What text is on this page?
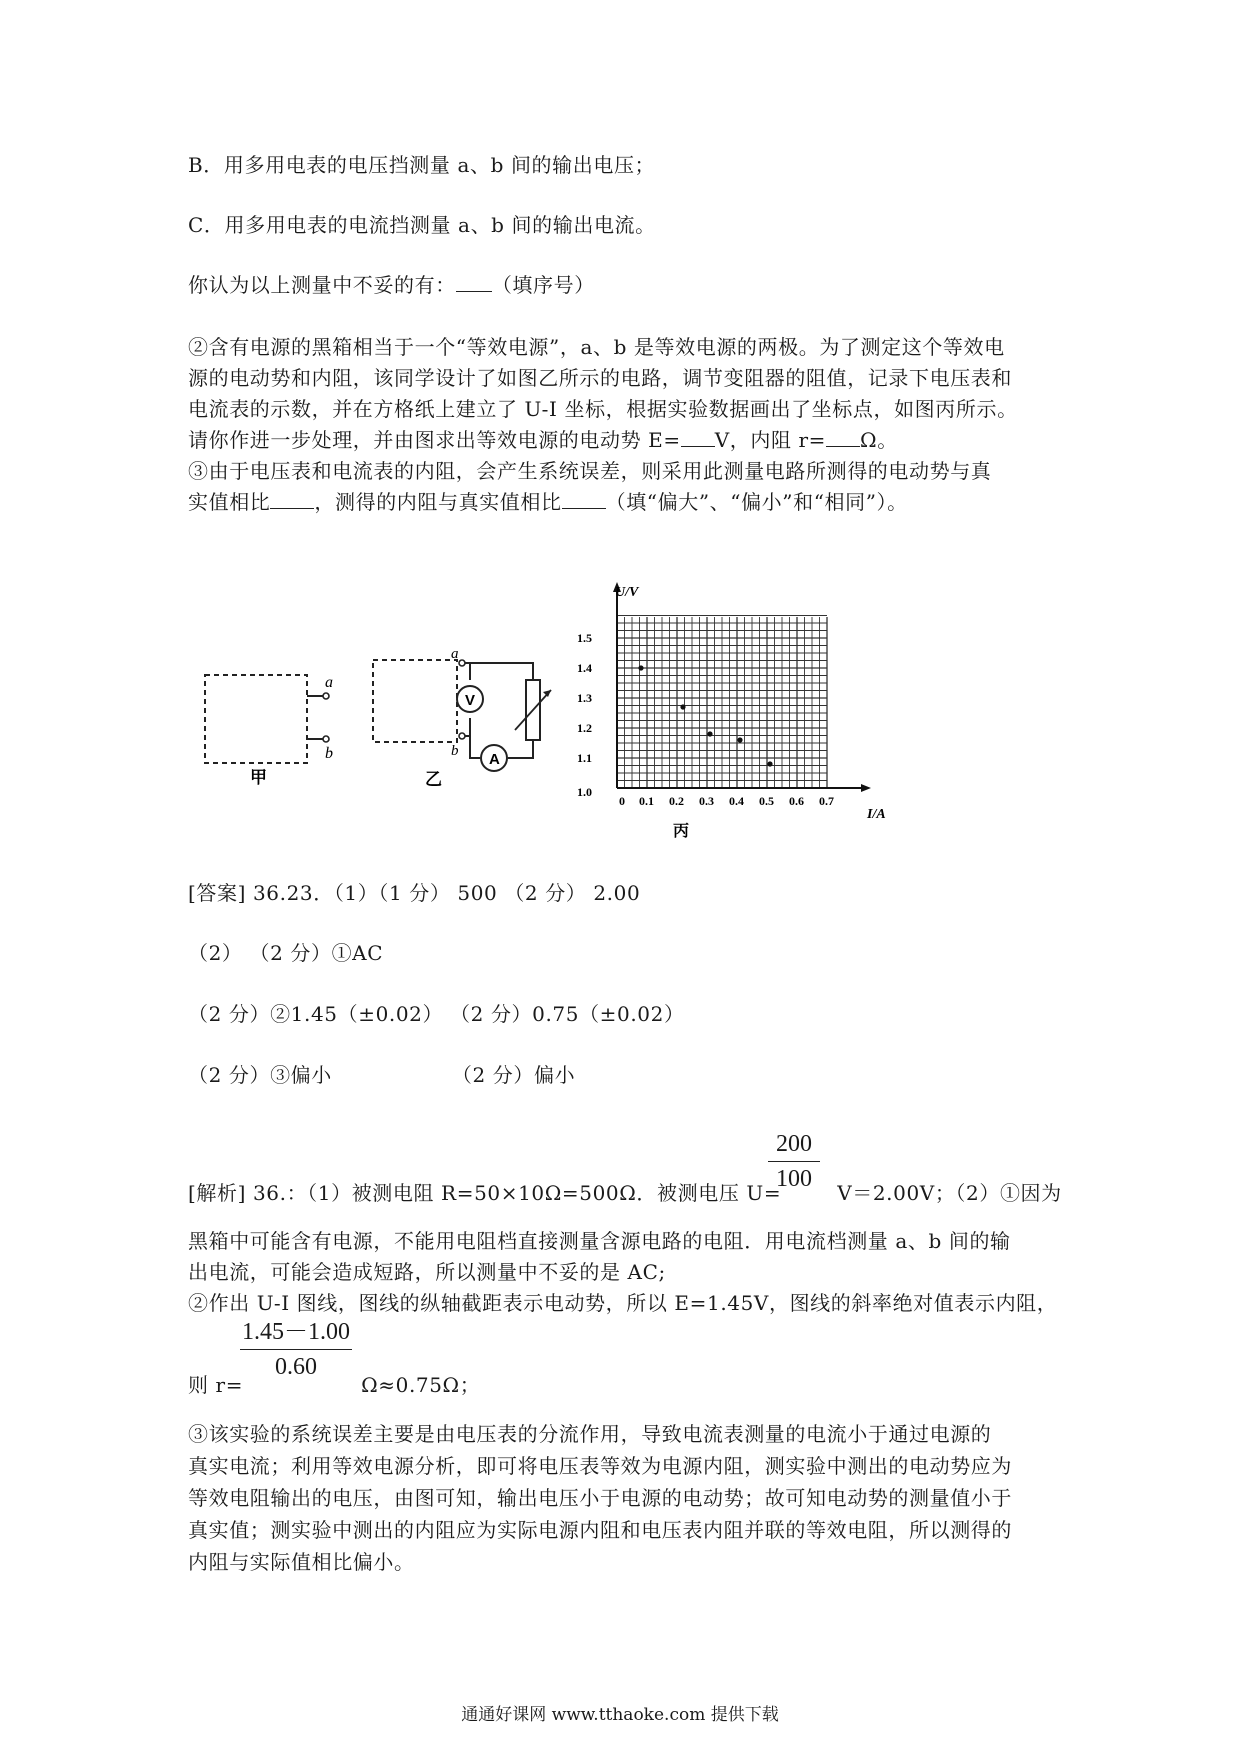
B．用多用电表的电压挡测量 a、b 间的输出电压；
C．用多用电表的电流挡测量 a、b 间的输出电流。
你认为以上测量中不妥的有： （填序号）
②含有电源的黑箱相当于一个“等效电源”，a、b 是等效电源的两极。为了测定这个等效电
源的电动势和内阻，该同学设计了如图乙所示的电路，调节变阻器的阻值，记录下电压表和
电流表的示数，并在方格纸上建立了 U-I 坐标，根据实验数据画出了坐标点，如图丙所示。
请你作进一步处理，并由图求出等效电源的电动势 E= V，内阻 r= Ω。
③由于电压表和电流表的内阻，会产生系统误差，则采用此测量电路所测得的电动势与真
实值相比 ，测得的内阻与真实值相比 （填“偏大”、“偏小”和“相同”）。
a
b
甲
a
b
V
A
乙
0 0.1 0.2 0.3 0.4 0.5 0.6 0.7
1.0
1.1
1.2
1.3
1.4
1.5
U/V
I/A
丙
[答案] 36.23．（1）（1 分） 500 （2 分） 2.00
（2） （2 分）①AC
（2 分）②1.45（±0.02） （2 分）0.75（±0.02）
（2 分）③偏小	（2 分）偏小
200
100
[解析] 36.：（1）被测电阻 R=50×10Ω=500Ω．被测电压 U=	V＝2.00V；（2）①因为
黑箱中可能含有电源，不能用电阻档直接测量含源电路的电阻．用电流档测量 a、b 间的输
出电流，可能会造成短路，所以测量中不妥的是 AC;
②作出 U-I 图线，图线的纵轴截距表示电动势，所以 E=1.45V，图线的斜率绝对值表示内阻，
1.45－1.00
0.60
则 r=	Ω≈0.75Ω；
③该实验的系统误差主要是由电压表的分流作用，导致电流表测量的电流小于通过电源的
真实电流；利用等效电源分析，即可将电压表等效为电源内阻，测实验中测出的电动势应为
等效电阻输出的电压，由图可知，输出电压小于电源的电动势；故可知电动势的测量值小于
真实值；测实验中测出的内阻应为实际电源内阻和电压表内阻并联的等效电阻，所以测得的
内阻与实际值相比偏小。
通通好课网 www.tthaoke.com 提供下载
